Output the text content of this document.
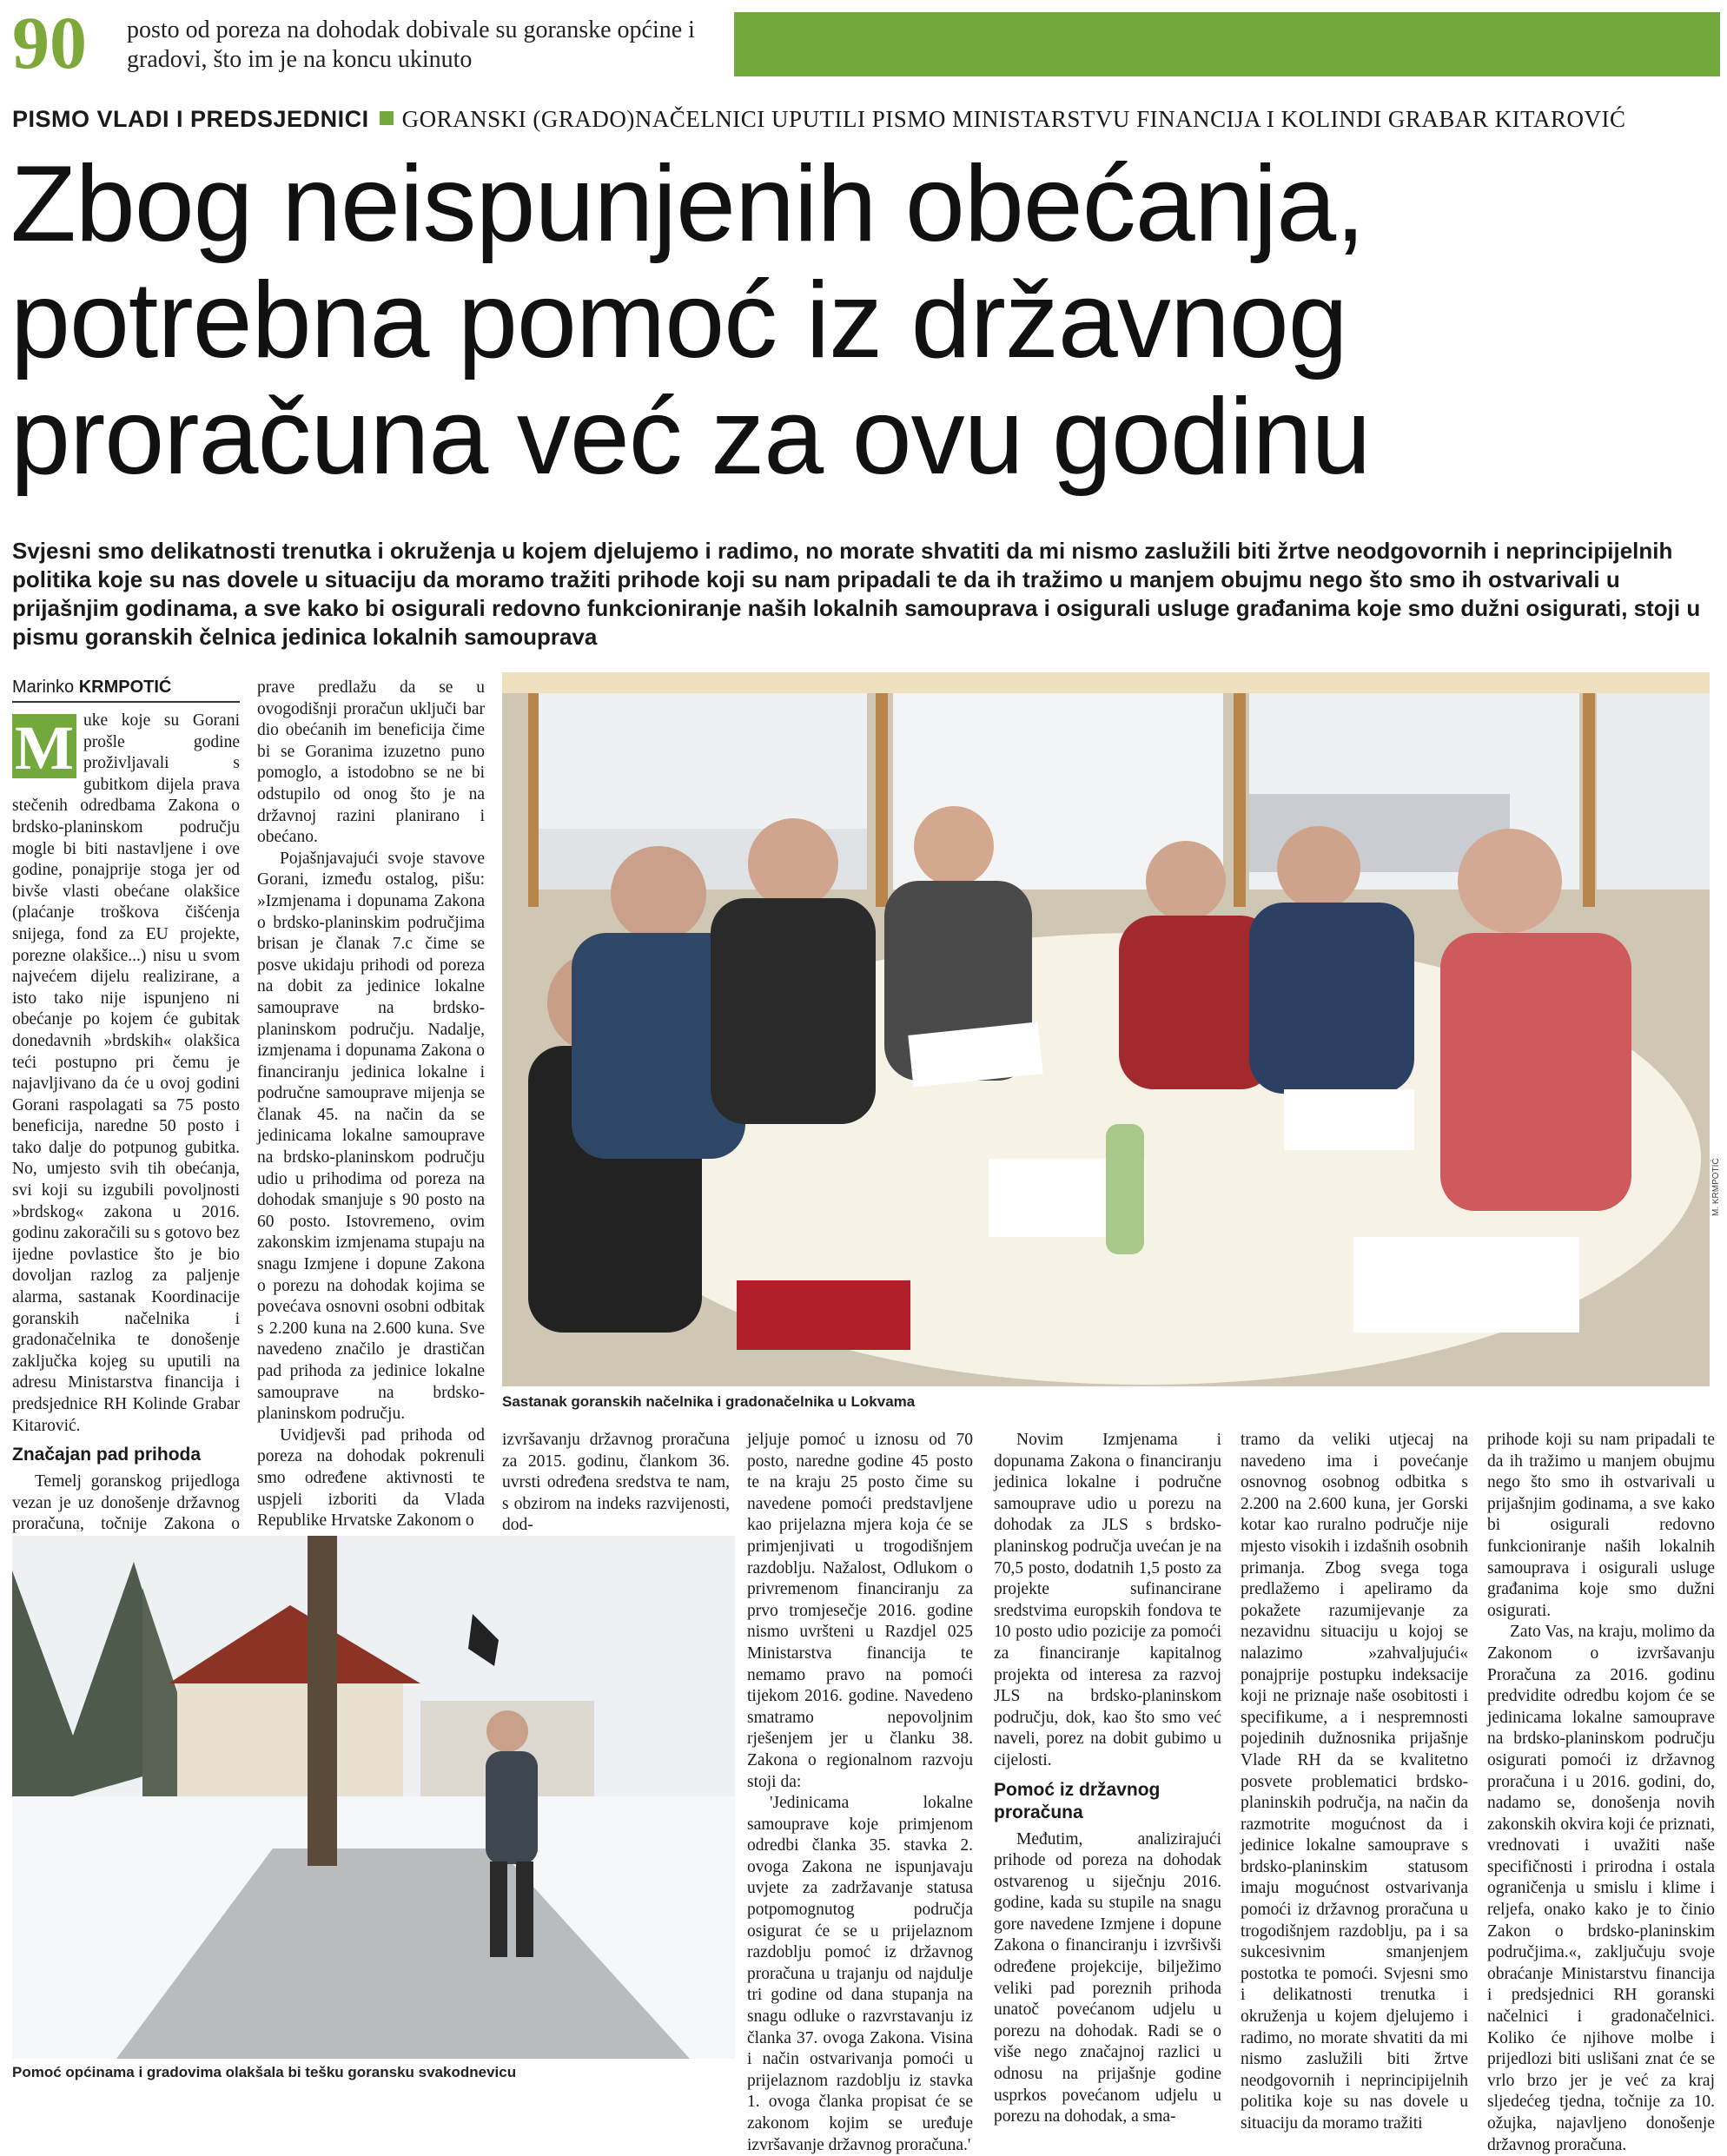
90 posto od poreza na dohodak dobivale su goranske općine i gradovi, što im je na koncu ukinuto
PISMO VLADI I PREDSJEDNICI GORANSKI (GRADO)NAČELNICI UPUTILI PISMO MINISTARSTVU FINANCIJA I KOLINDI GRABAR KITAROVIĆ
Zbog neispunjenih obećanja,
potrebna pomoć iz državnog
proračuna već za ovu godinu
Svjesni smo delikatnosti trenutka i okruženja u kojem djelujemo i radimo, no morate shvatiti da mi nismo zaslužili biti žrtve neodgovornih i neprincipijelnih politika koje su nas dovele u situaciju da moramo tražiti prihode koji su nam pripadali te da ih tražimo u manjem obujmu nego što smo ih ostvarivali u prijašnjim godinama, a sve kako bi osigurali redovno funkcioniranje naših lokalnih samouprava i osigurali usluge građanima koje smo dužni osigurati, stoji u pismu goranskih čelnica jedinica lokalnih samouprava
Marinko KRMPOTIĆ
M uke koje su Gorani prošle godine proživljavali s gubitkom dijela prava stečenih odredbama Zakona o brdsko-planinskom području mogle bi biti nastavljene i ove godine, ponajprije stoga jer od bivše vlasti obećane olakšice (plaćanje troškova čišćenja snijega, fond za EU projekte, porezne olakšice...) nisu u svom najvećem dijelu realizirane, a isto tako nije ispunjeno ni obećanje po kojem će gubitak donedavnih »brdskih« olakšica teći postupno pri čemu je najavljivano da će u ovoj godini Gorani raspolagati sa 75 posto beneficija, naredne 50 posto i tako dalje do potpunog gubitka. No, umjesto svih tih obećanja, svi koji su izgubili povoljnosti »brdskog« zakona u 2016. godinu zakoračili su s gotovo bez ijedne povlastice što je bio dovoljan razlog za paljenje alarma, sastanak Koordinacije goranskih načelnika i gradonačelnika te donošenje zaključka kojeg su uputili na adresu Ministarstva financija i predsjednice RH Kolinde Grabar Kitarović.

Značajan pad prihoda

Temelj goranskog prijedloga vezan je uz donošenje državnog proračuna, točnije Zakona o

prave predlažu da se u ovogodišnji proračun uključi bar dio obećanih im beneficija čime bi se Goranima izuzetno puno pomoglo, a istodobno se ne bi odstupilo od onog što je na državnoj razini planirano i obećano.

Pojašnjavajući svoje stavove Gorani, između ostalog, pišu: »Izmjenama i dopunama Zakona o brdsko-planinskim područjima brisan je članak 7.c čime se posve ukidaju prihodi od poreza na dobit za jedinice lokalne samouprave na brdsko-planinskom području. Nadalje, izmjenama i dopunama Zakona o financiranju jedinica lokalne i područne samouprave mijenja se članak 45. na način da se jedinicama lokalne samouprave na brdsko-planinskom području udio u prihodima od poreza na dohodak smanjuje s 90 posto na 60 posto. Istovremeno, ovim zakonskim izmjenama stupaju na snagu Izmjene i dopune Zakona o porezu na dohodak kojima se povećava osnovni osobni odbitak s 2.200 kuna na 2.600 kuna. Sve navedeno značilo je drastičan pad prihoda za jedinice lokalne samouprave na brdsko-planinskom području.

Uvidjevši pad prihoda od poreza na dohodak pokrenuli smo određene aktivnosti te uspjeli izboriti da Vlada Republike Hrvatske Zakonom o

Sastanak goranskih načelnika i gradonačelnika u Lokvama
M. KRMPOTIĆ

izvršavanju državnog proračuna za 2015. godinu, člankom 36. uvrsti određena sredstva te nam, s obzirom na indeks razvijenosti, dod-

Pomoć općinama i gradovima olakšala bi tešku goransku svakodnevicu

jeljuje pomoć u iznosu od 70 posto, naredne godine 45 posto te na kraju 25 posto čime su navedene pomoći predstavljene kao prijelazna mjera koja će se primjenjivati u trogodišnjem razdoblju. Nažalost, Odlukom o privremenom financiranju za prvo tromjesečje 2016. godine nismo uvršteni u Razdjel 025 Ministarstva financija te nemamo pravo na pomoći tijekom 2016. godine. Navedeno smatramo nepovoljnim rješenjem jer u članku 38. Zakona o regionalnom razvoju stoji da:

'Jedinicama lokalne samouprave koje primjenom odredbi članka 35. stavka 2. ovoga Zakona ne ispunjavaju uvjete za zadržavanje statusa potpomognutog područja osigurat će se u prijelaznom razdoblju pomoć iz državnog proračuna u trajanju od najdulje tri godine od dana stupanja na snagu odluke o razvrstavanju iz članka 37. ovoga Zakona. Visina i način ostvarivanja pomoći u prijelaznom razdoblju iz stavka 1. ovoga članka propisat će se zakonom kojim se uređuje izvršavanje državnog proračuna.'

Novim Izmjenama i dopunama Zakona o financiranju jedinica lokalne i područne samouprave udio u porezu na dohodak za JLS s brdsko-planinskog područja uvećan je na 70,5 posto, dodatnih 1,5 posto za projekte sufinancirane sredstvima europskih fondova te 10 posto udio pozicije za pomoći za financiranje kapitalnog projekta od interesa za razvoj JLS na brdsko-planinskom području, dok, kao što smo već naveli, porez na dobit gubimo u cijelosti.

Pomoć iz državnog proračuna

Međutim, analizirajući prihode od poreza na dohodak ostvarenog u siječnju 2016. godine, kada su stupile na snagu gore navedene Izmjene i dopune Zakona o financiranju i izvršivši određene projekcije, bilježimo veliki pad poreznih prihoda unatoč povećanom udjelu u porezu na dohodak. Radi se o više nego značajnoj razlici u odnosu na prijašnje godine usprkos povećanom udjelu u porezu na dohodak, a sma-

tramo da veliki utjecaj na navedeno ima i povećanje osnovnog osobnog odbitka s 2.200 na 2.600 kuna, jer Gorski kotar kao ruralno područje nije mjesto visokih i izdašnih osobnih primanja. Zbog svega toga predlažemo i apeliramo da pokažete razumijevanje za nezavidnu situaciju u kojoj se nalazimo »zahvaljujući« ponajprije postupku indeksacije koji ne priznaje naše osobitosti i specifikume, a i nespremnosti pojedinih dužnosnika prijašnje Vlade RH da se kvalitetno posvete problematici brdsko-planinskih područja, na način da razmotrite mogućnost da i jedinice lokalne samouprave s brdsko-planinskim statusom imaju mogućnost ostvarivanja pomoći iz državnog proračuna u trogodišnjem razdoblju, pa i sa sukcesivnim smanjenjem postotka te pomoći. Svjesni smo i delikatnosti trenutka i okruženja u kojem djelujemo i radimo, no morate shvatiti da mi nismo zaslužili biti žrtve neodgovornih i neprincipijelnih politika koje su nas dovele u situaciju da moramo tražiti

prihode koji su nam pripadali te da ih tražimo u manjem obujmu nego što smo ih ostvarivali u prijašnjim godinama, a sve kako bi osigurali redovno funkcioniranje naših lokalnih samouprava i osigurali usluge građanima koje smo dužni osigurati.

Zato Vas, na kraju, molimo da Zakonom o izvršavanju Proračuna za 2016. godinu predvidite odredbu kojom će se jedinicama lokalne samouprave na brdsko-planinskom području osigurati pomoći iz državnog proračuna i u 2016. godini, do, nadamo se, donošenja novih zakonskih okvira koji će priznati, vrednovati i uvažiti naše specifičnosti i prirodna i ostala ograničenja u smislu i klime i reljefa, onako kako je to činio Zakon o brdsko-planinskim područjima.«, zaključuju svoje obraćanje Ministarstvu financija i predsjednici RH goranski načelnici i gradonačelnici. Koliko će njihove molbe i prijedlozi biti uslišani znat će se vrlo brzo jer je već za kraj sljedećeg tjedna, točnije za 10. ožujka, najavljeno donošenje državnog proračuna.
